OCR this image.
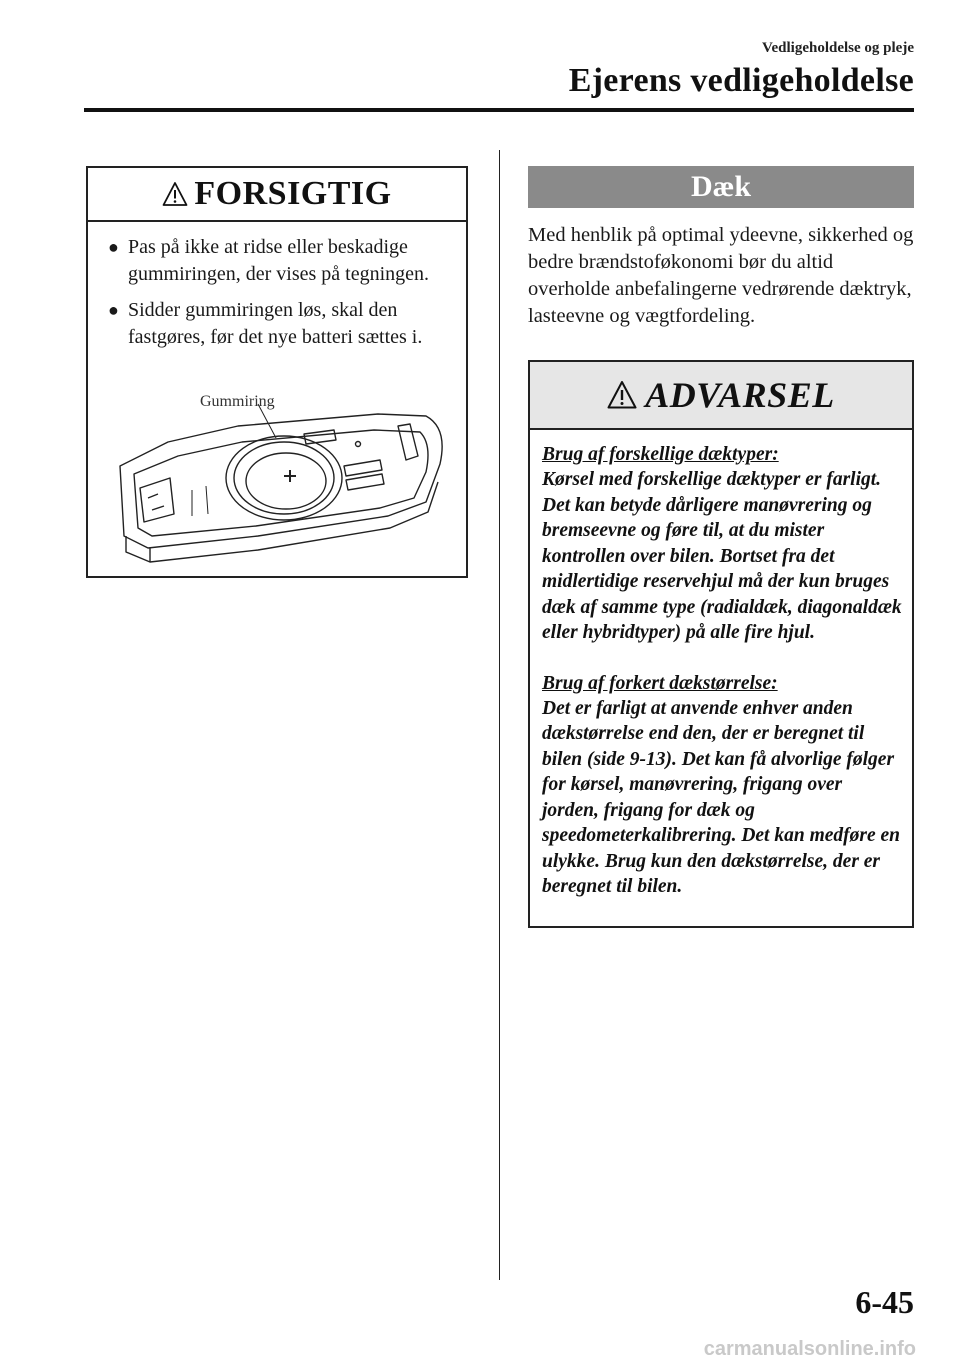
Vedligeholdelse og pleje
Ejerens vedligeholdelse
FORSIGTIG
● Pas på ikke at ridse eller beskadige gummiringen, der vises på tegningen.
● Sidder gummiringen løs, skal den fastgøres, før det nye batteri sættes i.
Gummiring
Dæk
Med henblik på optimal ydeevne, sikkerhed og bedre brændstoføkonomi bør du altid overholde anbefalingerne vedrørende dæktryk, lasteevne og vægtfordeling.
ADVARSEL

Brug af forskellige dæktyper:

Kørsel med forskellige dæktyper er farligt. Det kan betyde dårligere manøvrering og bremseevne og føre til, at du mister kontrollen over bilen. Bortset fra det midlertidige reservehjul må der kun bruges dæk af samme type (radialdæk, diagonaldæk eller hybridtyper) på alle fire hjul.

Brug af forkert dækstørrelse:

Det er farligt at anvende enhver anden dækstørrelse end den, der er beregnet til bilen (side 9-13). Det kan få alvorlige følger for kørsel, manøvrering, frigang over jorden, frigang for dæk og speedometerkalibrering. Det kan medføre en ulykke. Brug kun den dækstørrelse, der er beregnet til bilen.

6-45
carmanualsonline.info
